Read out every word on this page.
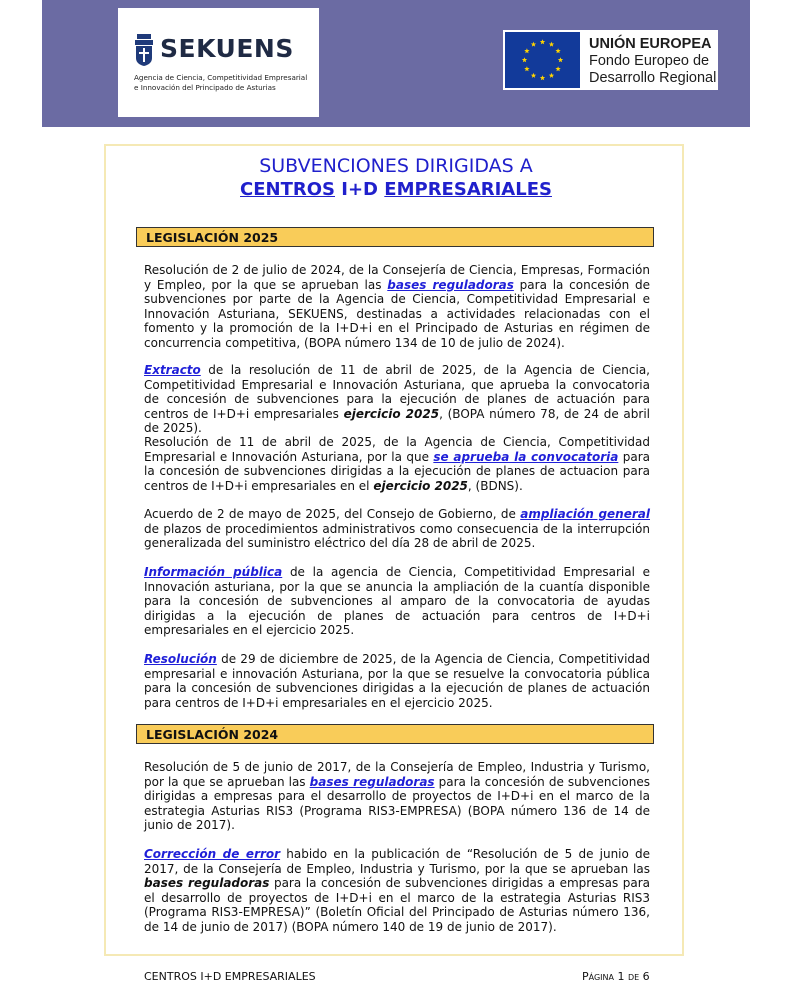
SEKUENS
Agencia de Ciencia, Competitividad Empresarial
e Innovación del Principado de Asturias
UNIÓN EUROPEA
Fondo Europeo de
Desarrollo Regional
SUBVENCIONES DIRIGIDAS A
CENTROS I+D EMPRESARIALES
LEGISLACIÓN 2025

Resolución de 2 de julio de 2024, de la Consejería de Ciencia, Empresas, Formación y Empleo, por la que se aprueban las bases reguladoras para la concesión de subvenciones por parte de la Agencia de Ciencia, Competitividad Empresarial e Innovación Asturiana, SEKUENS, destinadas a actividades relacionadas con el fomento y la promoción de la I+D+i en el Principado de Asturias en régimen de concurrencia competitiva, (BOPA número 134 de 10 de julio de 2024).

Extracto de la resolución de 11 de abril de 2025, de la Agencia de Ciencia, Competitividad Empresarial e Innovación Asturiana, que aprueba la convocatoria de concesión de subvenciones para la ejecución de planes de actuación para centros de I+D+i empresariales ejercicio 2025, (BOPA número 78, de 24 de abril de 2025).

Resolución de 11 de abril de 2025, de la Agencia de Ciencia, Competitividad Empresarial e Innovación Asturiana, por la que se aprueba la convocatoria para la concesión de subvenciones dirigidas a la ejecución de planes de actuacion para centros de I+D+i empresariales en el ejercicio 2025, (BDNS).

Acuerdo de 2 de mayo de 2025, del Consejo de Gobierno, de ampliación general de plazos de procedimientos administrativos como consecuencia de la interrupción generalizada del suministro eléctrico del día 28 de abril de 2025.

Información pública de la agencia de Ciencia, Competitividad Empresarial e Innovación asturiana, por la que se anuncia la ampliación de la cuantía disponible para la concesión de subvenciones al amparo de la convocatoria de ayudas dirigidas a la ejecución de planes de actuación para centros de I+D+i empresariales en el ejercicio 2025.

Resolución de 29 de diciembre de 2025, de la Agencia de Ciencia, Competitividad empresarial e innovación Asturiana, por la que se resuelve la convocatoria pública para la concesión de subvenciones dirigidas a la ejecución de planes de actuación para centros de I+D+i empresariales en el ejercicio 2025.

LEGISLACIÓN 2024

Resolución de 5 de junio de 2017, de la Consejería de Empleo, Industria y Turismo, por la que se aprueban las bases reguladoras para la concesión de subvenciones dirigidas a empresas para el desarrollo de proyectos de I+D+i en el marco de la estrategia Asturias RIS3 (Programa RIS3-EMPRESA) (BOPA número 136 de 14 de junio de 2017).

Corrección de error habido en la publicación de “Resolución de 5 de junio de 2017, de la Consejería de Empleo, Industria y Turismo, por la que se aprueban las bases reguladoras para la concesión de subvenciones dirigidas a empresas para el desarrollo de proyectos de I+D+i en el marco de la estrategia Asturias RIS3 (Programa RIS3-EMPRESA)” (Boletín Oficial del Principado de Asturias número 136, de 14 de junio de 2017) (BOPA número 140 de 19 de junio de 2017).

CENTROS I+D EMPRESARIALES	Página 1 de 6
